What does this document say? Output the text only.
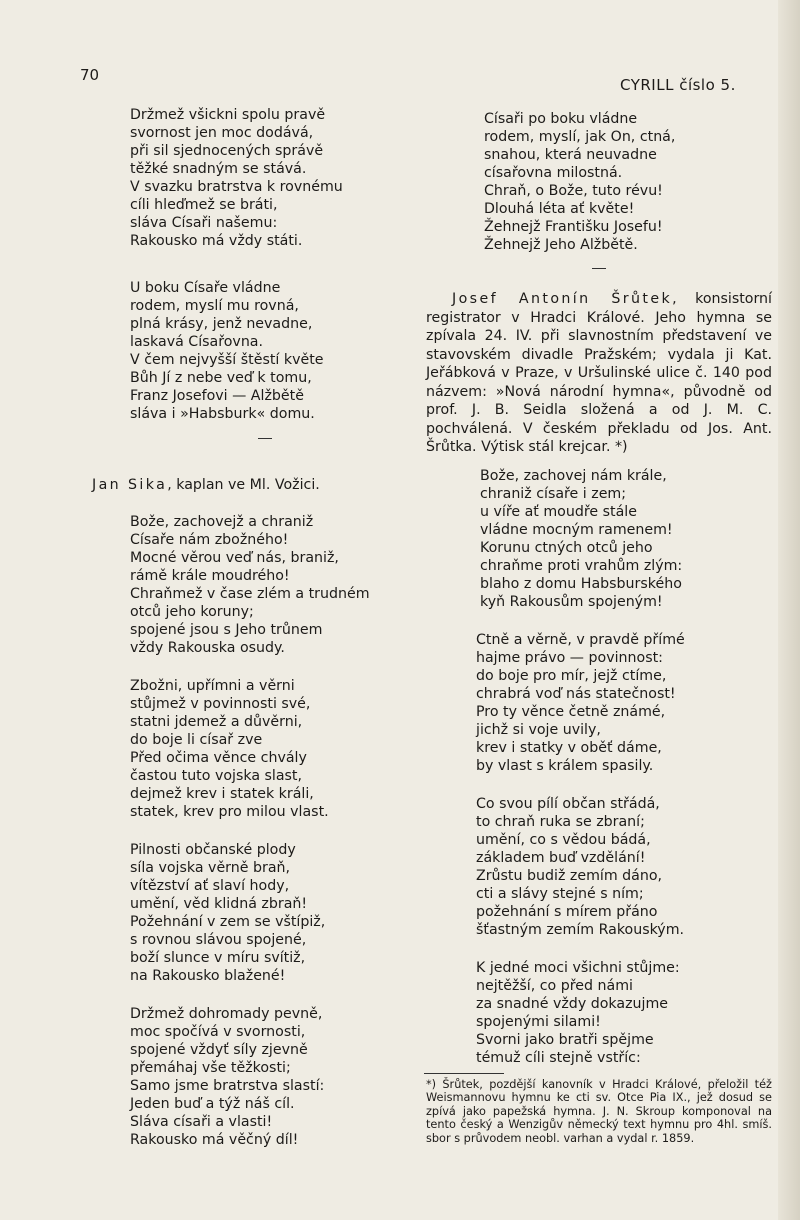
70
CYRILL číslo 5.
Držmež všickni spolu pravě
svornost jen moc dodává,
při sil sjednocených správě
těžké snadným se stává.
V svazku bratrstva k rovnému
cíli hleďmež se bráti,
sláva Císaři našemu:
Rakousko má vždy státi.
U boku Císaře vládne
rodem, myslí mu rovná,
plná krásy, jenž nevadne,
laskavá Císařovna.
V čem nejvyšší štěstí květe
Bůh Jí z nebe veď k tomu,
Franz Josefovi — Alžbětě
sláva i »Habsburk« domu.
Jan Sika, kaplan ve Ml. Vožici.
Bože, zachovejž a chraniž
Císaře nám zbožného!
Mocné věrou veď nás, braniž,
rámě krále moudrého!
Chraňmež v čase zlém a trudném
otců jeho koruny;
spojené jsou s Jeho trůnem
vždy Rakouska osudy.
Zbožni, upřímni a věrni
stůjmež v povinnosti své,
statni jdemež a důvěrni,
do boje li císař zve
Před očima věnce chvály
častou tuto vojska slast,
dejmež krev i statek králi,
statek, krev pro milou vlast.
Pilnosti občanské plody
síla vojska věrně braň,
vítězství ať slaví hody,
umění, věd klidná zbraň!
Požehnání v zem se vštípiž,
s rovnou slávou spojené,
boží slunce v míru svítiž,
na Rakousko blažené!
Držmež dohromady pevně,
moc spočívá v svornosti,
spojené vždyť síly zjevně
přemáhaj vše těžkosti;
Samo jsme bratrstva slastí:
Jeden buď a týž náš cíl.
Sláva císaři a vlasti!
Rakousko má věčný díl!
Císaři po boku vládne
rodem, myslí, jak On, ctná,
snahou, která neuvadne
císařovna milostná.
Chraň, o Bože, tuto révu!
Dlouhá léta ať květe!
Žehnejž Františku Josefu!
Žehnejž Jeho Alžbětě.
Josef Antonín Šrůtek, konsistorní registrator v Hradci Králové. Jeho hymna se zpívala 24. IV. při slavnostním představení ve stavovském divadle Pražském; vydala ji Kat. Jeřábková v Praze, v Uršulinské ulice č. 140 pod názvem: »Nová národní hymna«, původně od prof. J. B. Seidla složená a od J. M. C. pochválená. V českém překladu od Jos. Ant. Šrůtka. Výtisk stál krejcar. *)
Bože, zachovej nám krále,
chraniž císaře i zem;
u víře ať moudře stále
vládne mocným ramenem!
Korunu ctných otců jeho
chraňme proti vrahům zlým:
blaho z domu Habsburského
kyň Rakousům spojeným!
Ctně a věrně, v pravdě přímé
hajme právo — povinnost:
do boje pro mír, jejž ctíme,
chrabrá voď nás statečnost!
Pro ty věnce četně známé,
jichž si voje uvily,
krev i statky v oběť dáme,
by vlast s králem spasily.
Co svou pílí občan střádá,
to chraň ruka se zbraní;
umění, co s vědou bádá,
základem buď vzdělání!
Zrůstu budiž zemím dáno,
cti a slávy stejné s ním;
požehnání s mírem přáno
šťastným zemím Rakouským.
K jedné moci všichni stůjme:
nejtěžší, co před námi
za snadné vždy dokazujme
spojenými silami!
Svorni jako bratři spějme
témuž cíli stejně vstříc:
*) Šrůtek, pozdější kanovník v Hradci Králové, přeložil též Weismannovu hymnu ke cti sv. Otce Pia IX., jež dosud se zpívá jako papežská hymna. J. N. Skroup komponoval na tento český a Wenzigův německý text hymnu pro 4hl. smíš. sbor s průvodem neobl. varhan a vydal r. 1859.
